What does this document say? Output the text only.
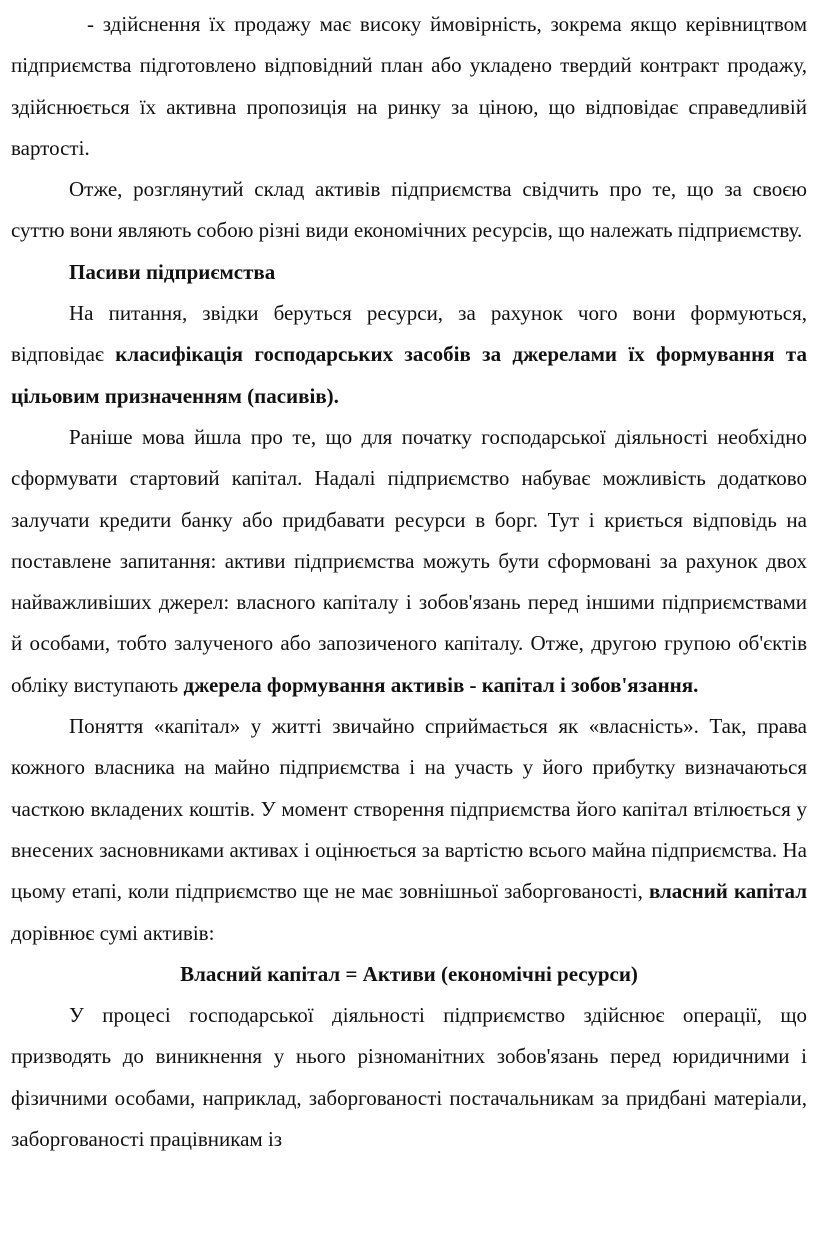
- здійснення їх продажу має високу ймовірність, зокрема якщо керівництвом підприємства підготовлено відповідний план або укладено твердий контракт продажу, здійснюється їх активна пропозиція на ринку за ціною, що відповідає справедливій вартості.

Отже, розглянутий склад активів підприємства свідчить про те, що за своєю суттю вони являють собою різні види економічних ресурсів, що належать підприємству.

Пасиви підприємства

На питання, звідки беруться ресурси, за рахунок чого вони формуються, відповідає класифікація господарських засобів за джерелами їх формування та цільовим призначенням (пасивів).

Раніше мова йшла про те, що для початку господарської діяльності необхідно сформувати стартовий капітал. Надалі підприємство набуває можливість додатково залучати кредити банку або придбавати ресурси в борг. Тут і криється відповідь на поставлене запитання: активи підприємства можуть бути сформовані за рахунок двох найважливіших джерел: власного капіталу і зобов'язань перед іншими підприємствами й особами, тобто залученого або запозиченого капіталу. Отже, другою групою об'єктів обліку виступають джерела формування активів - капітал і зобов'язання.

Поняття «капітал» у житті звичайно сприймається як «власність». Так, права кожного власника на майно підприємства і на участь у його прибутку визначаються часткою вкладених коштів. У момент створення підприємства його капітал втілюється у внесених засновниками активах і оцінюється за вартістю всього майна підприємства. На цьому етапі, коли підприємство ще не має зовнішньої заборгованості, власний капітал дорівнює сумі активів:

Власний капітал = Активи (економічні ресурси)

У процесі господарської діяльності підприємство здійснює операції, що призводять до виникнення у нього різноманітних зобов'язань перед юридичними і фізичними особами, наприклад, заборгованості постачальникам за придбані матеріали, заборгованості працівникам із
